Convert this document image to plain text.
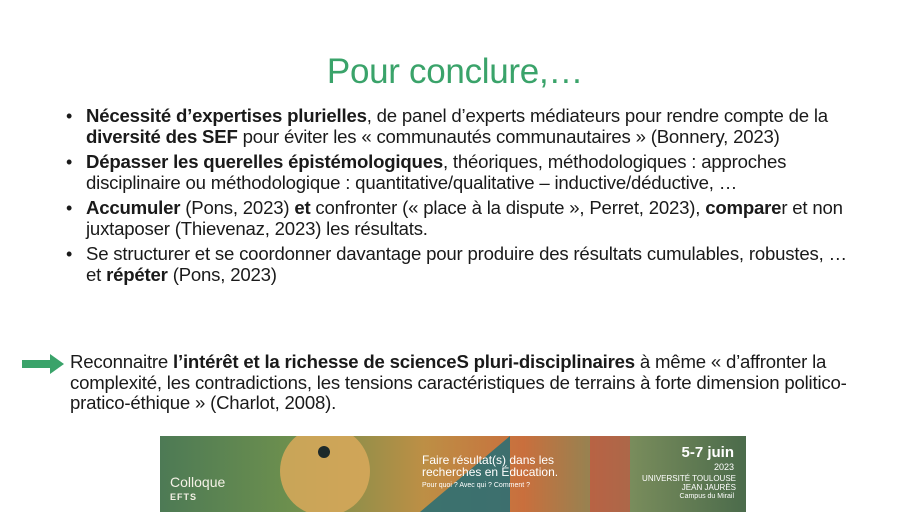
Pour conclure,…
• Nécessité d’expertises plurielles, de panel d’experts médiateurs pour rendre compte de la diversité des SEF pour éviter les « communautés communautaires » (Bonnery, 2023)
• Dépasser les querelles épistémologiques, théoriques, méthodologiques : approches disciplinaire ou méthodologique : quantitative/qualitative – inductive/déductive, …
• Accumuler (Pons, 2023) et confronter (« place à la dispute », Perret, 2023), comparer et non juxtaposer (Thievenaz, 2023) les résultats.
• Se structurer et se coordonner davantage pour produire des résultats cumulables, robustes, … et répéter (Pons, 2023)
Reconnaitre l’intérêt et la richesse de scienceS pluri-disciplinaires à même « d’affronter la complexité, les contradictions, les tensions caractéristiques de terrains à forte dimension politico-pratico-éthique » (Charlot, 2008).
Colloque
EFTS
Faire résultat(s) dans les recherches en Éducation.
Pour quoi ? Avec qui ? Comment ?
5-7 juin
2023
UNIVERSITÉ TOULOUSE JEAN JAURÈS
Campus du Mirail
